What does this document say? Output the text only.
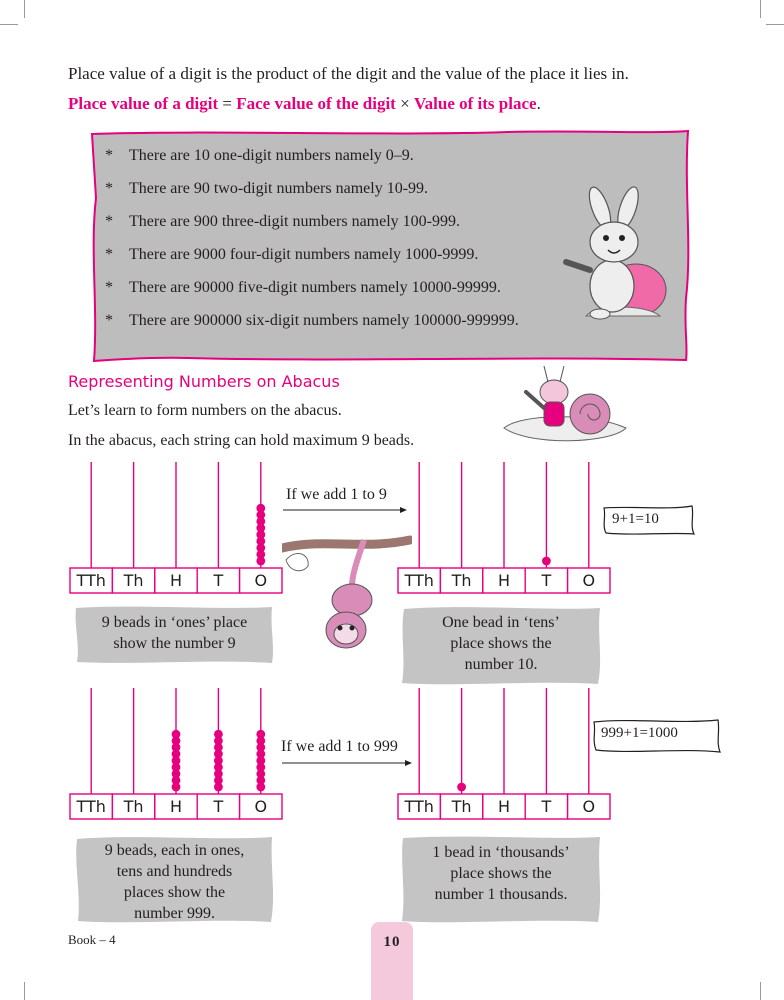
Place value of a digit is the product of the digit and the value of the place it lies in.
Place value of a digit = Face value of the digit × Value of its place.
* There are 10 one-digit numbers namely 0–9.
* There are 90 two-digit numbers namely 10-99.
* There are 900 three-digit numbers namely 100-999.
* There are 9000 four-digit numbers namely 1000-9999.
* There are 90000 five-digit numbers namely 10000-99999.
* There are 900000 six-digit numbers namely 100000-999999.
Representing Numbers on Abacus
Let’s learn to form numbers on the abacus.
In the abacus, each string can hold maximum 9 beads.
TTh Th H T O	TTh Th H T O
TTh Th H T O	TTh Th H T O
If we add 1 to 9
If we add 1 to 999
9+1=10
999+1=1000
9 beads in ‘ones’ place
show the number 9
One bead in ‘tens’
place shows the
number 10.
9 beads, each in ones,
tens and hundreds
places show the
number 999.
1 bead in ‘thousands’
place shows the
number 1 thousands.
Book – 4	10
